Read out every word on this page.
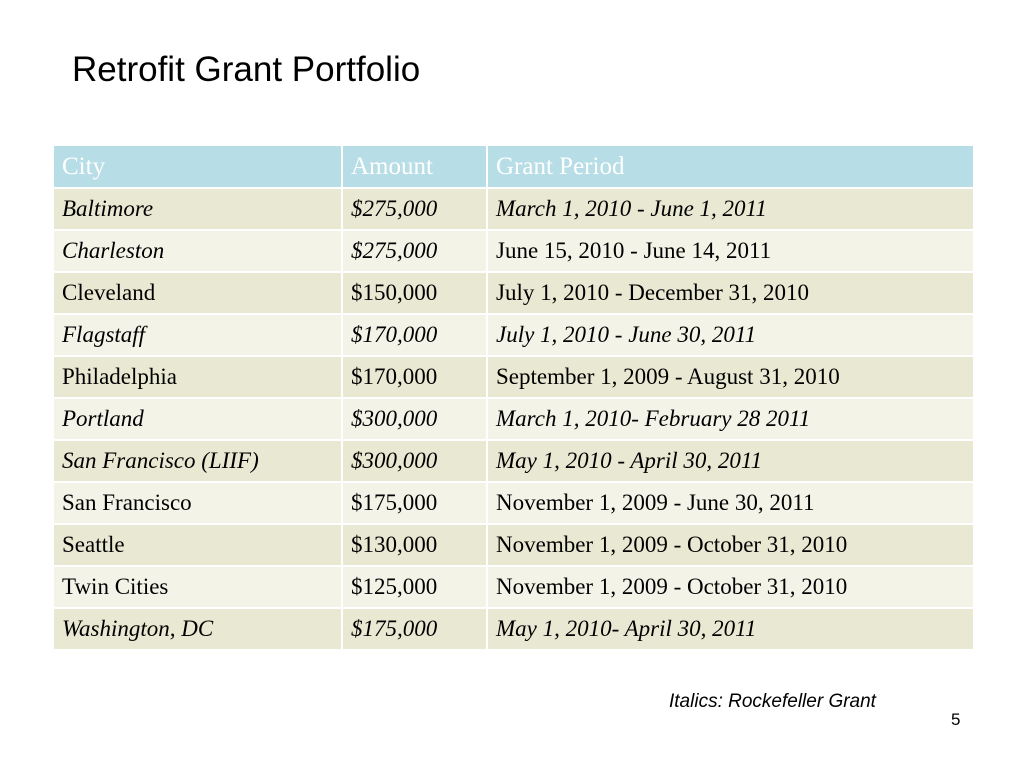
Retrofit Grant Portfolio
City	Amount	Grant Period
Baltimore	$275,000	March 1, 2010 - June 1, 2011
Charleston	$275,000	June 15, 2010 - June 14, 2011
Cleveland	$150,000	July 1, 2010 - December 31, 2010
Flagstaff	$170,000	July 1, 2010 - June 30, 2011
Philadelphia	$170,000	September 1, 2009 - August 31, 2010
Portland	$300,000	March 1, 2010- February 28 2011
San Francisco (LIIF)	$300,000	May 1, 2010 - April 30, 2011
San Francisco	$175,000	November 1, 2009 - June 30, 2011
Seattle	$130,000	November 1, 2009 - October 31, 2010
Twin Cities	$125,000	November 1, 2009 - October 31, 2010
Washington, DC	$175,000	May 1, 2010- April 30, 2011
Italics: Rockefeller Grant
5
